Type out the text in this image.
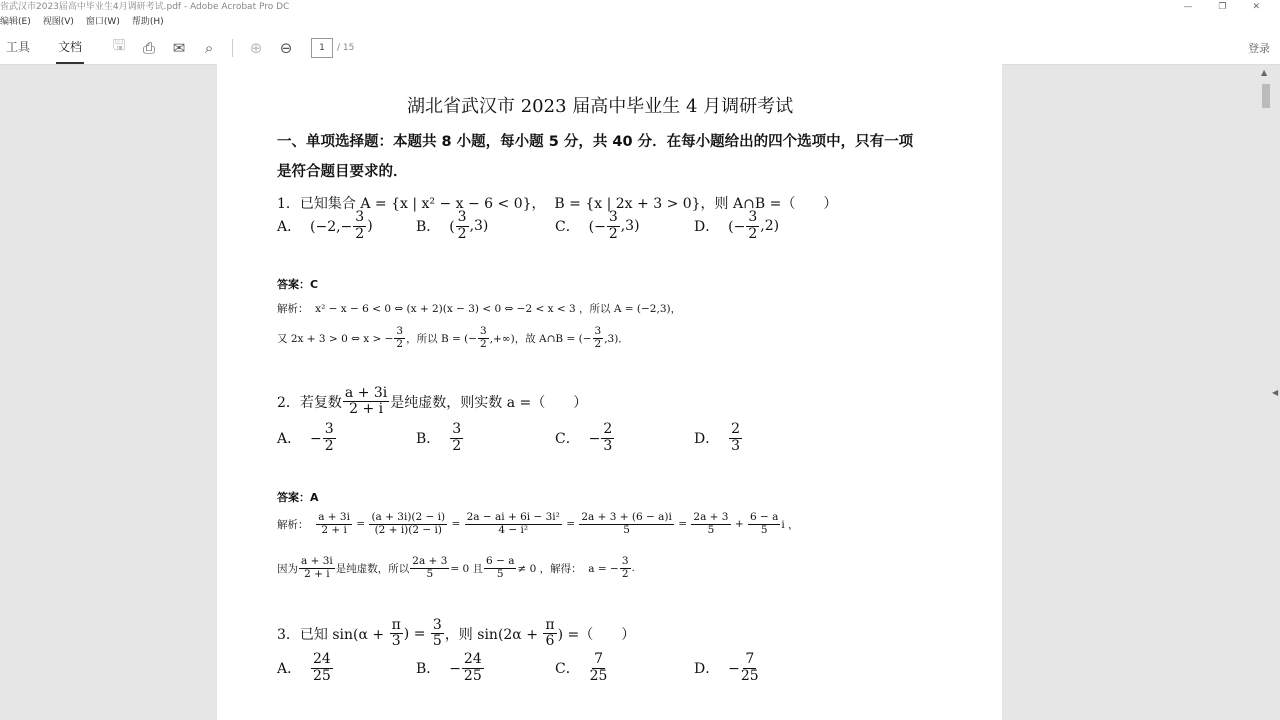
省武汉市2023届高中毕业生4月调研考试.pdf - Adobe Acrobat Pro DC	—	❐	✕
编辑(E) 视图(V) 窗口(W) 帮助(H)
工具	文档	🖫	⎙	✉	⌕	⊕	⊖	1	/ 15	登录
湖北省武汉市 2023 届高中毕业生 4 月调研考试
一、单项选择题：本题共 8 小题，每小题 5 分，共 40 分．在每小题给出的四个选项中，只有一项
是符合题目要求的．
1．已知集合 A = {x | x² − x − 6 < 0}，  B = {x | 2x + 3 > 0}，则 A∩B =（　　）
A．  ($-2,- \frac{3}{2}$ )	B．  ( $\frac{3}{2} ,3$)	C．  (− $\frac{3}{2} ,3$)	D．  (− $\frac{3}{2} ,2$)
答案：C
解析：  x² − x − 6 < 0 ⇔ (x + 2)(x − 3) < 0 ⇔ −2 < x < 3 ，所以 A = (−2,3)，
又 2x + 3 > 0 ⇔ x > − $\frac{3}{2}$ ，所以 B = (− $\frac{3}{2}$ ,+∞)，故 A∩B = (− $\frac{3}{2} ,3$)．
2．若复数 $\frac{a + 3i}{2 + i}$ 是纯虚数，则实数 a =（　　）
A．  − $\frac{3}{2}$	B． $\frac{3}{2}$	C．  − $\frac{2}{3}$	D． $\frac{2}{3}$
答案：A
解析： $\frac{a + 3i}{2 + i} = \frac{(a + 3i)(2 - i)}{(2 + i)(2 - i)} = \frac{\text{2a − ai + 6i − 3i²}}{\text{4 − i²}} = \frac{2a + 3 + (6 - a)i}{5} = \frac{2a + 3}{5} + \frac{6 - a}{5}$ i ，
因为 $\frac{a + 3i}{2 + i}$ 是纯虚数，所以 $\frac{2a + 3}{5} = 0$ 且 $\frac{6 - a}{5} \ne 0$ ，解得：  a = − $\frac{3}{2}$ .
3．已知 $\sin(\alpha + \frac{\pi}{3}$ ) = $\frac{3}{5}$ ，则 $\sin(2\alpha + \frac{\pi}{6}$ ) =（　　）
A． $\frac{24}{25}$	B．  − $\frac{24}{25}$	C． $\frac{7}{25}$	D．  − $\frac{7}{25}$
▲
◀
